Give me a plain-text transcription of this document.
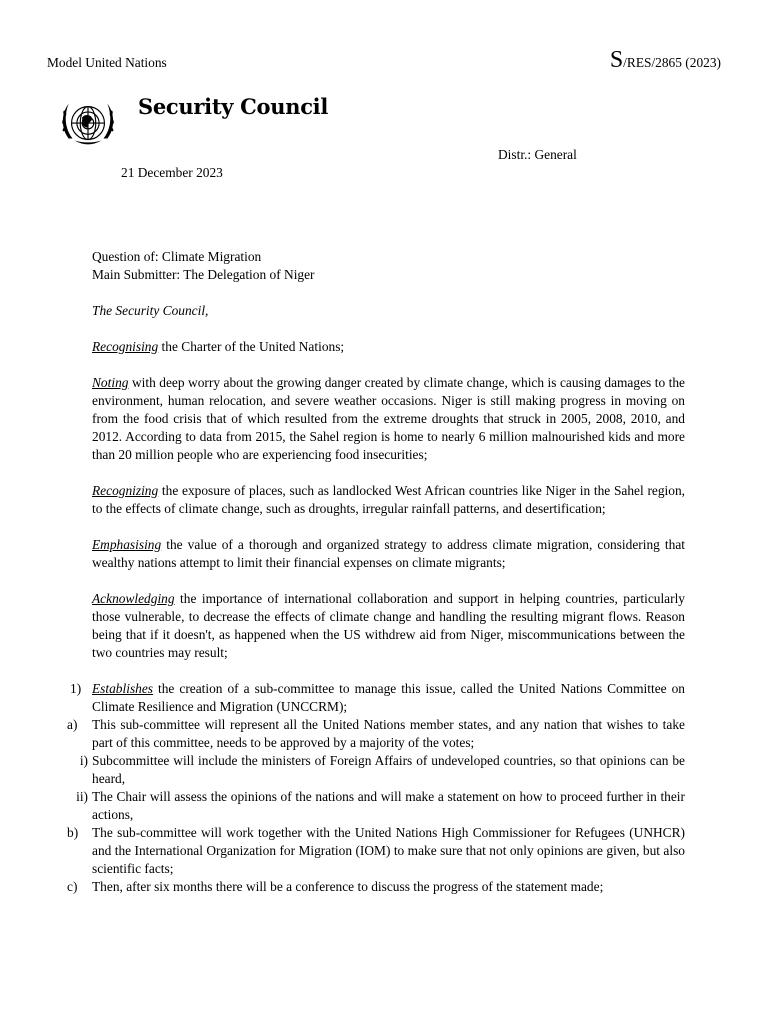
Model United Nations	S/RES/2865 (2023)
Security Council
Distr.: General
21 December 2023

Question of: Climate Migration

Main Submitter: The Delegation of Niger

The Security Council,

Recognising the Charter of the United Nations;

Noting with deep worry about the growing danger created by climate change, which is causing damages to the environment, human relocation, and severe weather occasions. Niger is still making progress in moving on from the food crisis that of which resulted from the extreme droughts that struck in 2005, 2008, 2010, and 2012. According to data from 2015, the Sahel region is home to nearly 6 million malnourished kids and more than 20 million people who are experiencing food insecurities;

Recognizing the exposure of places, such as landlocked West African countries like Niger in the Sahel region, to the effects of climate change, such as droughts, irregular rainfall patterns, and desertification;

Emphasising the value of a thorough and organized strategy to address climate migration, considering that wealthy nations attempt to limit their financial expenses on climate migrants;

Acknowledging the importance of international collaboration and support in helping countries, particularly those vulnerable, to decrease the effects of climate change and handling the resulting migrant flows. Reason being that if it doesn't, as happened when the US withdrew aid from Niger, miscommunications between the two countries may result;

1) Establishes the creation of a sub-committee to manage this issue, called the United Nations Committee on Climate Resilience and Migration (UNCCRM);

a) This sub-committee will represent all the United Nations member states, and any nation that wishes to take part of this committee, needs to be approved by a majority of the votes;

i) Subcommittee will include the ministers of Foreign Affairs of undeveloped countries, so that opinions can be heard,

ii) The Chair will assess the opinions of the nations and will make a statement on how to proceed further in their actions,

b) The sub-committee will work together with the United Nations High Commissioner for Refugees (UNHCR) and the International Organization for Migration (IOM) to make sure that not only opinions are given, but also scientific facts;

c) Then, after six months there will be a conference to discuss the progress of the statement made;
